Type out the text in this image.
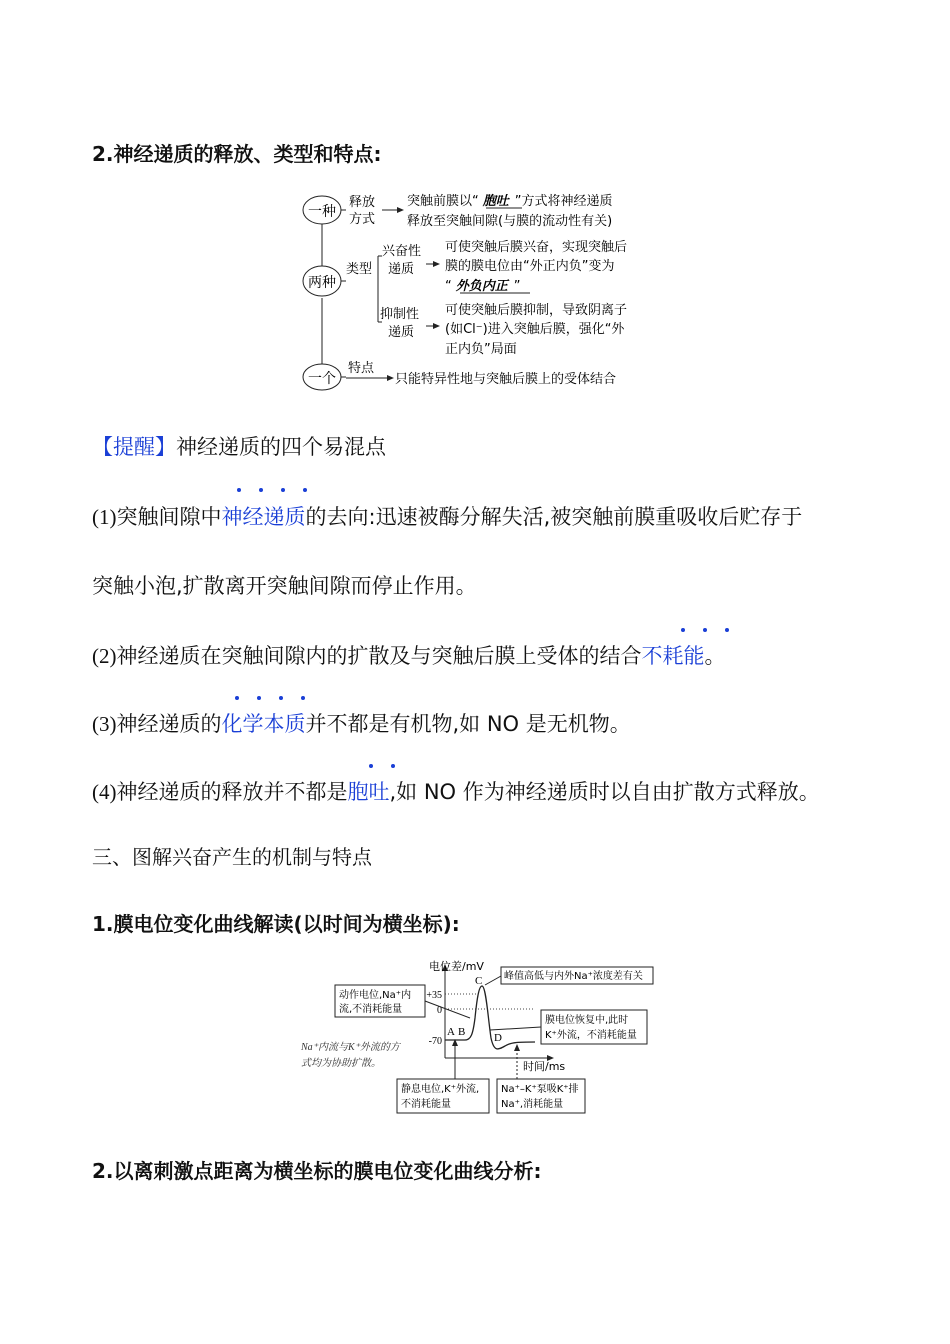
2.神经递质的释放、类型和特点:
一种
两种
一个
释放
方式
突触前膜以“ 胞吐 ”方式将神经递质
释放至突触间隙(与膜的流动性有关)
类型
兴奋性
递质
可使突触后膜兴奋，实现突触后
膜的膜电位由“外正内负”变为
“ 外负内正 ”
抑制性
递质
可使突触后膜抑制，导致阴离子
(如Cl⁻)进入突触后膜，强化“外
正内负”局面
特点
只能特异性地与突触后膜上的受体结合
【提醒】神经递质的四个易混点
(1)突触间隙中神经递质的去向:迅速被酶分解失活,被突触前膜重吸收后贮存于
突触小泡,扩散离开突触间隙而停止作用。
(2)神经递质在突触间隙内的扩散及与突触后膜上受体的结合不耗能。
(3)神经递质的化学本质并不都是有机物,如 NO 是无机物。
(4)神经递质的释放并不都是胞吐,如 NO 作为神经递质时以自由扩散方式释放。
三、图解兴奋产生的机制与特点
1.膜电位变化曲线解读(以时间为横坐标):
电位差/mV
时间/ms
+35
0
-70
A B
C
D
动作电位,Na⁺内
流,不消耗能量
峰值高低与内外Na⁺浓度差有关
膜电位恢复中,此时
K⁺外流，不消耗能量
Na⁺内流与K⁺外流的方
式均为协助扩散。
静息电位,K⁺外流,
不消耗能量
Na⁺–K⁺泵吸K⁺排
Na⁺,消耗能量
2.以离刺激点距离为横坐标的膜电位变化曲线分析:
